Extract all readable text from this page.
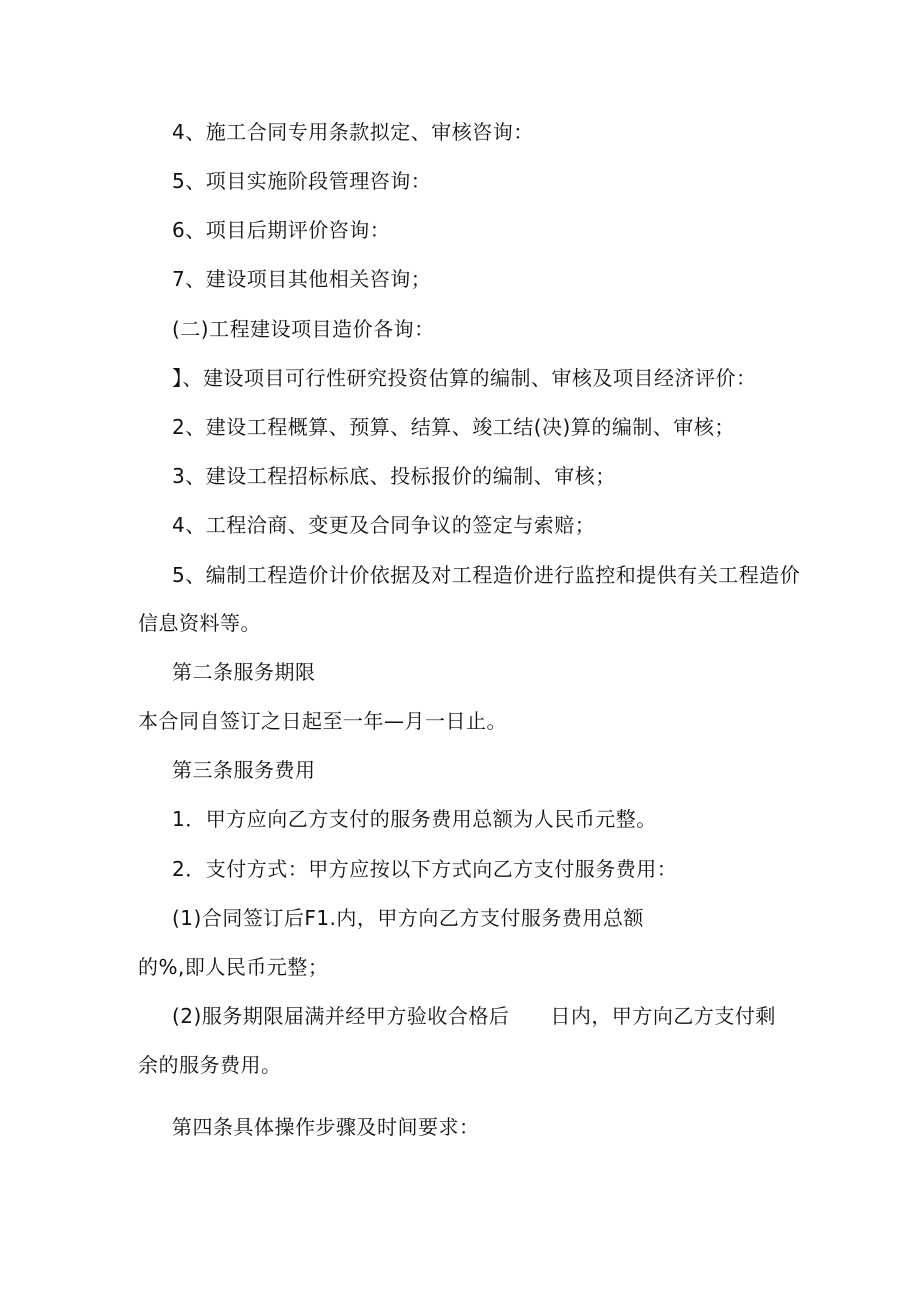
4、施工合同专用条款拟定、审核咨询：
5、项目实施阶段管理咨询：
6、项目后期评价咨询：
7、建设项目其他相关咨询；
(二)工程建设项目造价各询：
】、建设项目可行性研究投资估算的编制、审核及项目经济评价：
2、建设工程概算、预算、结算、竣工结(决)算的编制、审核；
3、建设工程招标标底、投标报价的编制、审核；
4、工程洽商、变更及合同争议的签定与索赔；
5、编制工程造价计价依据及对工程造价进行监控和提供有关工程造价
信息资料等。
第二条服务期限
本合同自签订之日起至一年—月一日止。
第三条服务费用
1．甲方应向乙方支付的服务费用总额为人民币元整。
2．支付方式：甲方应按以下方式向乙方支付服务费用：
(1)合同签订后F1.内，甲方向乙方支付服务费用总额
的%,即人民币元整；
(2)服务期限届满并经甲方验收合格后　　日内，甲方向乙方支付剩
余的服务费用。
第四条具体操作步骤及时间要求：
